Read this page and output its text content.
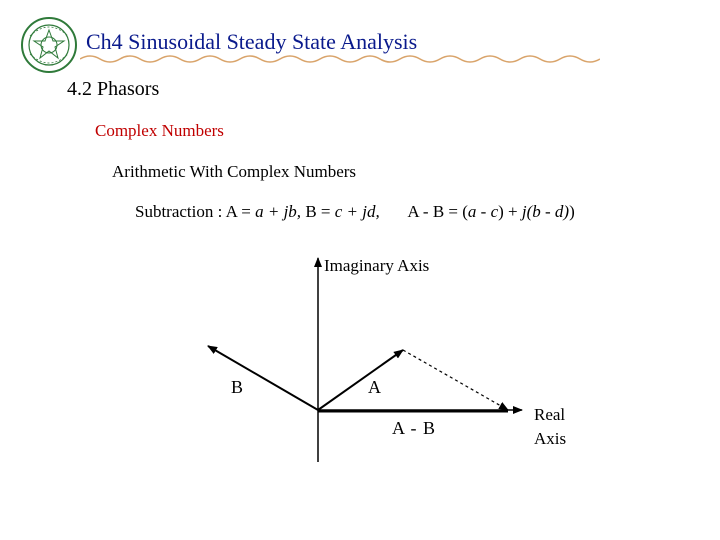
Ch4 Sinusoidal Steady State Analysis
4.2 Phasors
Complex Numbers
Arithmetic With Complex Numbers
Subtraction : A = a + jb, B = c + jd, A - B = (a - c) + j(b - d))
Imaginary Axis
Real Axis
B	A
A - B
